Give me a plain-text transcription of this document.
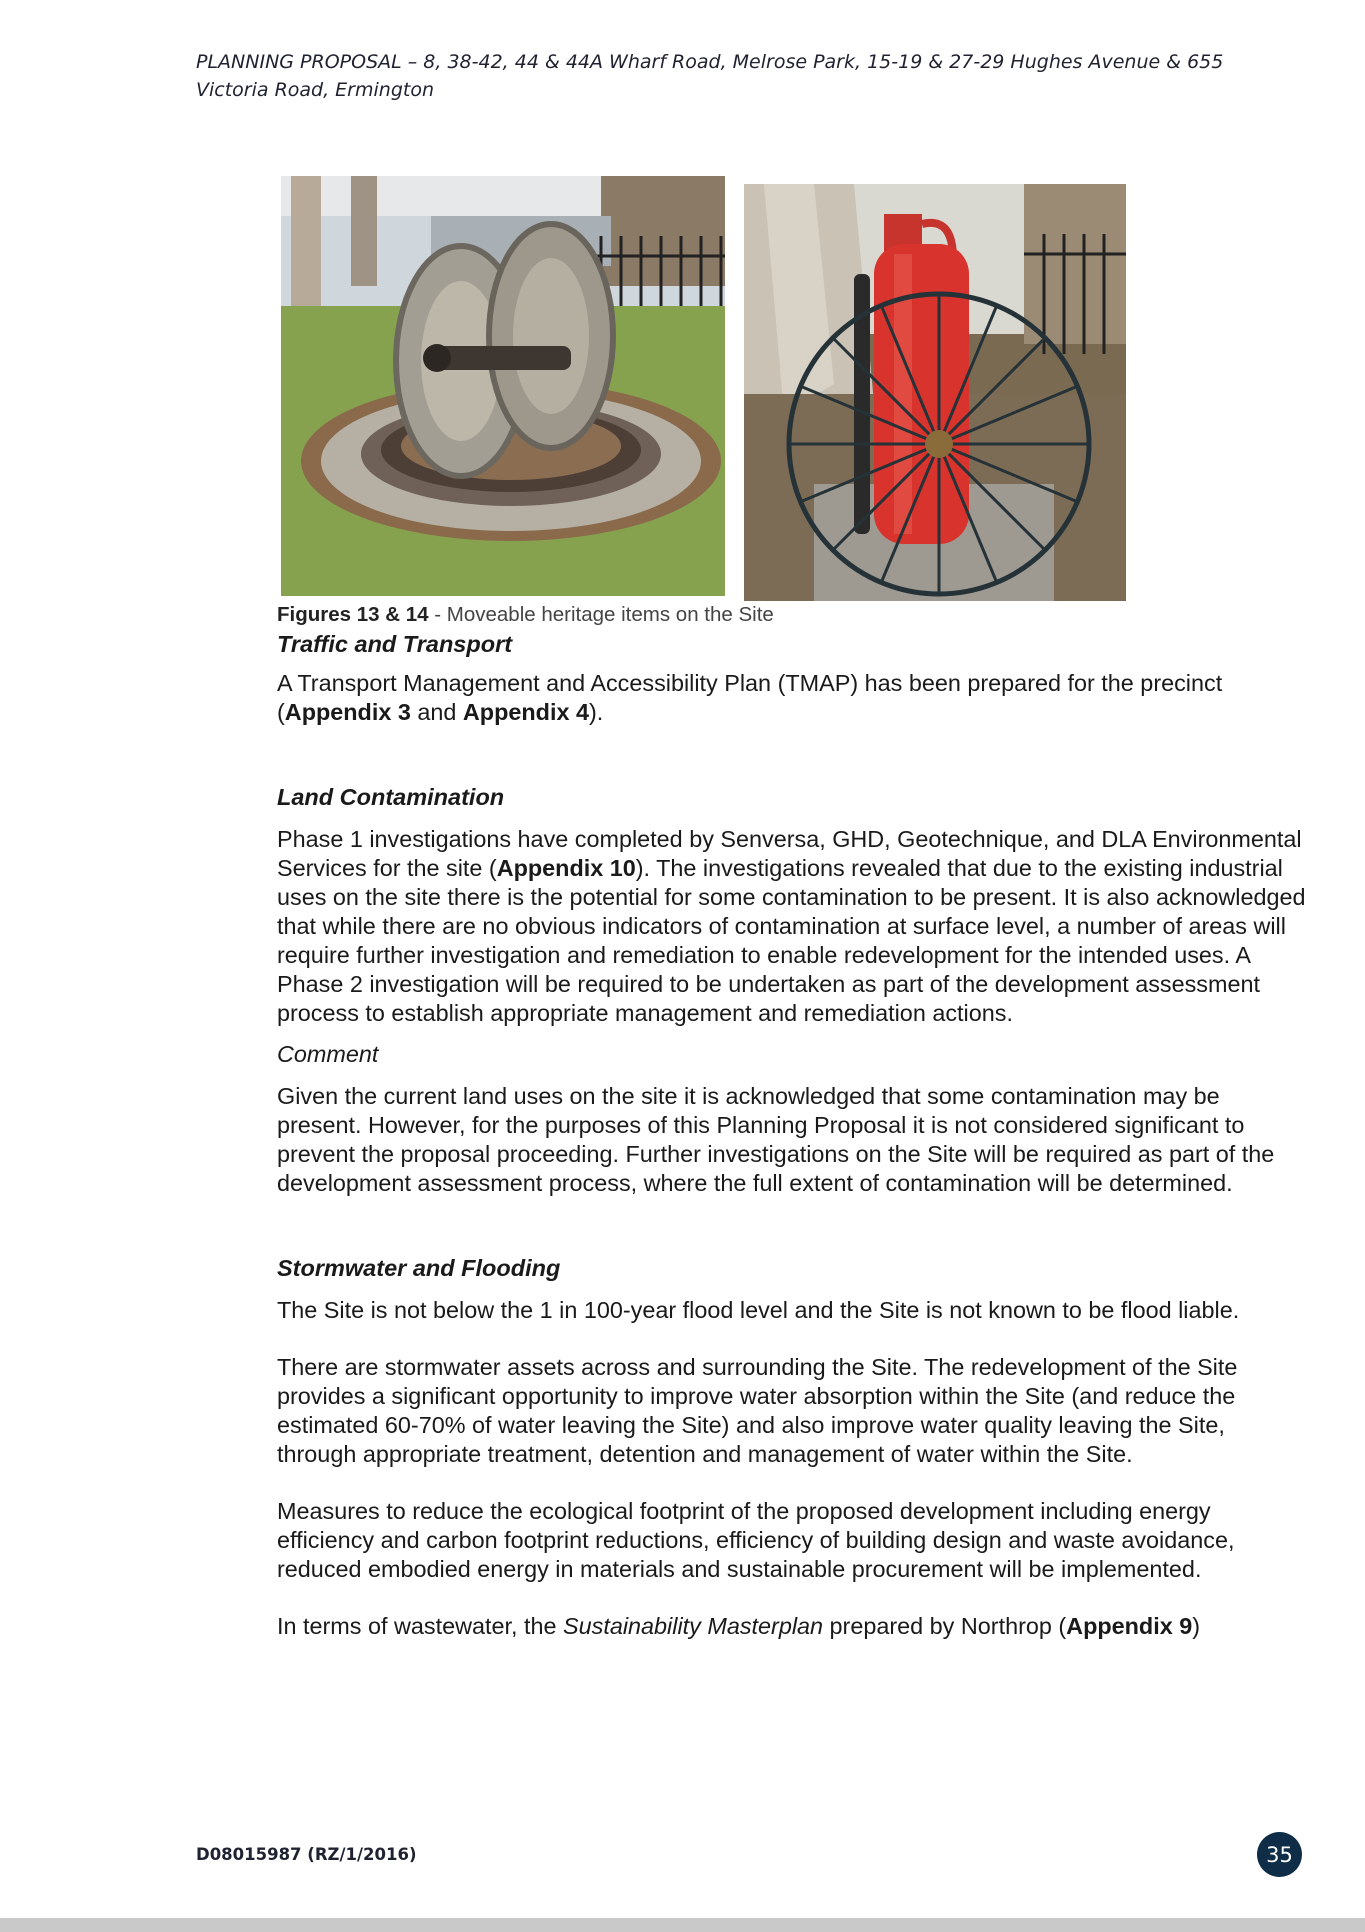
PLANNING PROPOSAL – 8, 38-42, 44 & 44A Wharf Road, Melrose Park, 15-19 & 27-29 Hughes Avenue & 655 Victoria Road, Ermington
Figures 13 & 14 - Moveable heritage items on the Site
Traffic and Transport

A Transport Management and Accessibility Plan (TMAP) has been prepared for the precinct (Appendix 3 and Appendix 4).

Land Contamination

Phase 1 investigations have completed by Senversa, GHD, Geotechnique, and DLA Environmental Services for the site (Appendix 10). The investigations revealed that due to the existing industrial uses on the site there is the potential for some contamination to be present. It is also acknowledged that while there are no obvious indicators of contamination at surface level, a number of areas will require further investigation and remediation to enable redevelopment for the intended uses. A Phase 2 investigation will be required to be undertaken as part of the development assessment process to establish appropriate management and remediation actions.

Comment

Given the current land uses on the site it is acknowledged that some contamination may be present. However, for the purposes of this Planning Proposal it is not considered significant to prevent the proposal proceeding. Further investigations on the Site will be required as part of the development assessment process, where the full extent of contamination will be determined.

Stormwater and Flooding

The Site is not below the 1 in 100-year flood level and the Site is not known to be flood liable.

There are stormwater assets across and surrounding the Site. The redevelopment of the Site provides a significant opportunity to improve water absorption within the Site (and reduce the estimated 60-70% of water leaving the Site) and also improve water quality leaving the Site, through appropriate treatment, detention and management of water within the Site.

Measures to reduce the ecological footprint of the proposed development including energy efficiency and carbon footprint reductions, efficiency of building design and waste avoidance, reduced embodied energy in materials and sustainable procurement will be implemented.

In terms of wastewater, the Sustainability Masterplan prepared by Northrop (Appendix 9)

D08015987 (RZ/1/2016)	35
